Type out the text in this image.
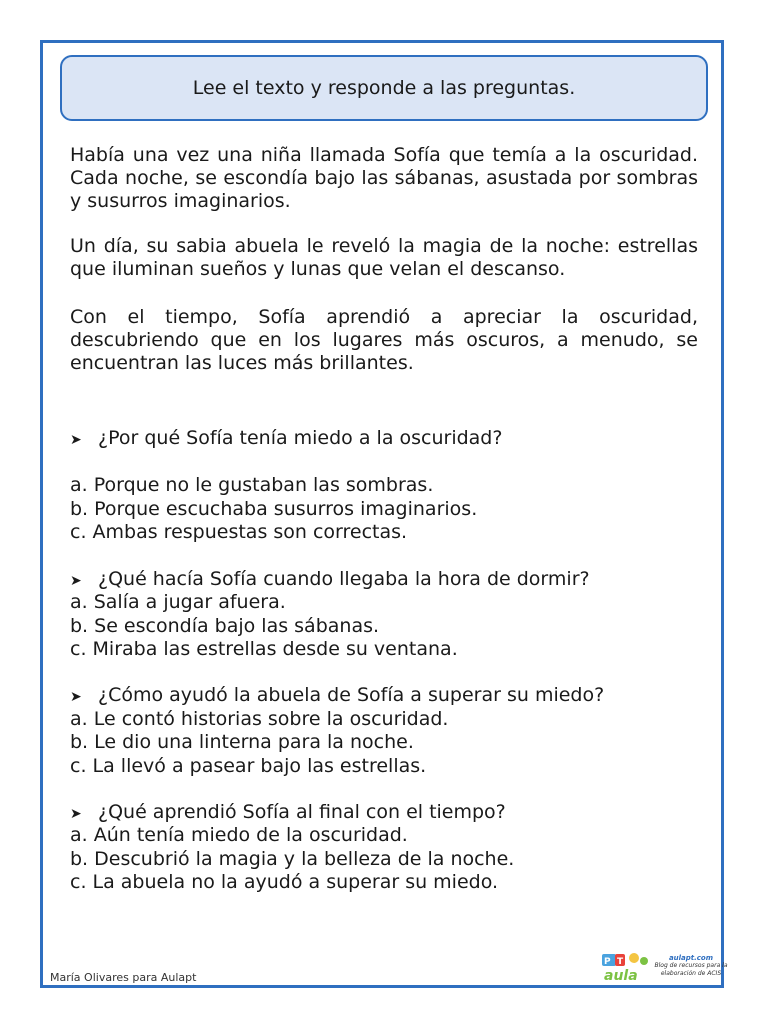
Lee el texto y responde a las preguntas.

Había una vez una niña llamada Sofía que temía a la oscuridad. Cada noche, se escondía bajo las sábanas, asustada por sombras y susurros imaginarios.

Un día, su sabia abuela le reveló la magia de la noche: estrellas que iluminan sueños y lunas que velan el descanso.

Con el tiempo, Sofía aprendió a apreciar la oscuridad, descubriendo que en los lugares más oscuros, a menudo, se encuentran las luces más brillantes.

➤ ¿Por qué Sofía tenía miedo a la oscuridad?

a. Porque no le gustaban las sombras.
b. Porque escuchaba susurros imaginarios.
c. Ambas respuestas son correctas.

➤ ¿Qué hacía Sofía cuando llegaba la hora de dormir?

a. Salía a jugar afuera.
b. Se escondía bajo las sábanas.
c. Miraba las estrellas desde su ventana.

➤ ¿Cómo ayudó la abuela de Sofía a superar su miedo?

a. Le contó historias sobre la oscuridad.
b. Le dio una linterna para la noche.
c. La llevó a pasear bajo las estrellas.

➤ ¿Qué aprendió Sofía al final con el tiempo?

a. Aún tenía miedo de la oscuridad.
b. Descubrió la magia y la belleza de la noche.
c. La abuela no la ayudó a superar su miedo.
María Olivares para Aulapt
P T
aula
aulapt.com
Blog de recursos para la elaboración de ACIS
